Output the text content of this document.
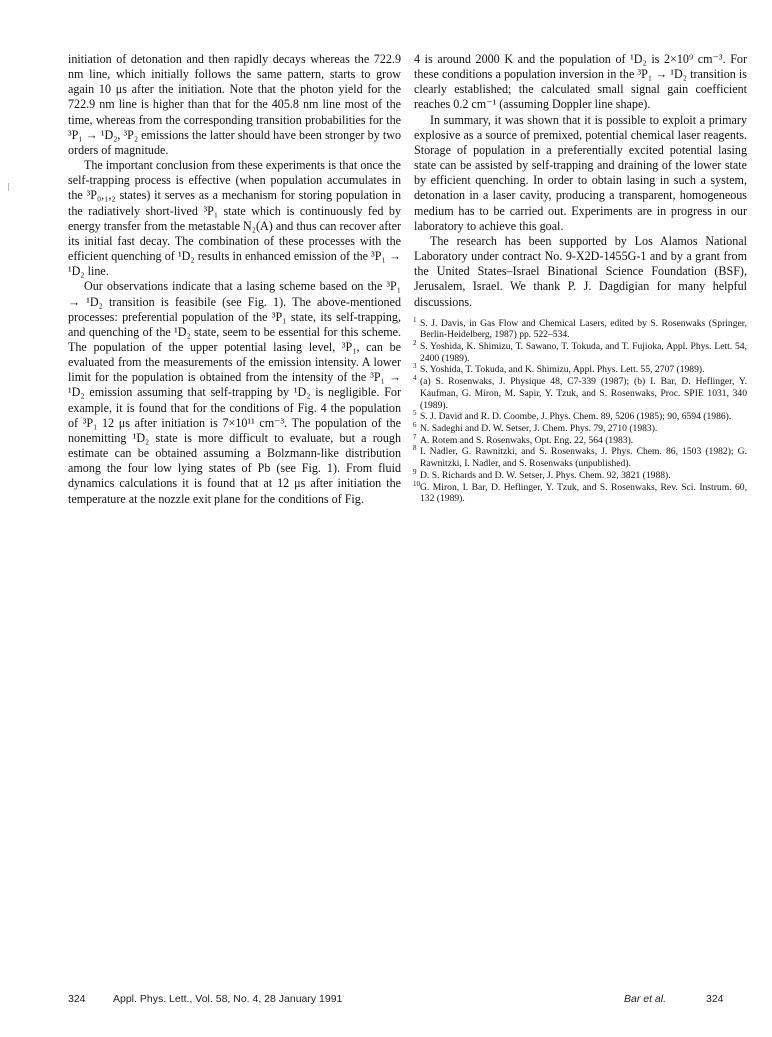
initiation of detonation and then rapidly decays whereas the 722.9 nm line, which initially follows the same pattern, starts to grow again 10 μs after the initiation. Note that the photon yield for the 722.9 nm line is higher than that for the 405.8 nm line most of the time, whereas from the corresponding transition probabilities for the ³P₁ → ¹D₂, ³P₂ emissions the latter should have been stronger by two orders of magnitude.

The important conclusion from these experiments is that once the self-trapping process is effective (when population accumulates in the ³P₀,₁,₂ states) it serves as a mechanism for storing population in the radiatively short-lived ³P₁ state which is continuously fed by energy transfer from the metastable N₂(A) and thus can recover after its initial fast decay. The combination of these processes with the efficient quenching of ¹D₂ results in enhanced emission of the ³P₁ → ¹D₂ line.

Our observations indicate that a lasing scheme based on the ³P₁ → ¹D₂ transition is feasibile (see Fig. 1). The above-mentioned processes: preferential population of the ³P₁ state, its self-trapping, and quenching of the ¹D₂ state, seem to be essential for this scheme. The population of the upper potential lasing level, ³P₁, can be evaluated from the measurements of the emission intensity. A lower limit for the population is obtained from the intensity of the ³P₁ → ¹D₂ emission assuming that self-trapping by ¹D₂ is negligible. For example, it is found that for the conditions of Fig. 4 the population of ³P₁ 12 μs after initiation is 7×10¹¹ cm⁻³. The population of the nonemitting ¹D₂ state is more difficult to evaluate, but a rough estimate can be obtained assuming a Bolzmann-like distribution among the four low lying states of Pb (see Fig. 1). From fluid dynamics calculations it is found that at 12 μs after initiation the temperature at the nozzle exit plane for the conditions of Fig.

4 is around 2000 K and the population of ¹D₂ is 2×10⁹ cm⁻³. For these conditions a population inversion in the ³P₁ → ¹D₂ transition is clearly established; the calculated small signal gain coefficient reaches 0.2 cm⁻¹ (assuming Doppler line shape).

In summary, it was shown that it is possible to exploit a primary explosive as a source of premixed, potential chemical laser reagents. Storage of population in a preferentially excited potential lasing state can be assisted by self-trapping and draining of the lower state by efficient quenching. In order to obtain lasing in such a system, detonation in a laser cavity, producing a transparent, homogeneous medium has to be carried out. Experiments are in progress in our laboratory to achieve this goal.

The research has been supported by Los Alamos National Laboratory under contract No. 9-X2D-1455G-1 and by a grant from the United States–Israel Binational Science Foundation (BSF), Jerusalem, Israel. We thank P. J. Dagdigian for many helpful discussions.

1 S. J. Davis, in Gas Flow and Chemical Lasers, edited by S. Rosenwaks (Springer, Berlin-Heidelberg, 1987) pp. 522–534.

2 S. Yoshida, K. Shimizu, T. Sawano, T. Tokuda, and T. Fujioka, Appl. Phys. Lett. 54, 2400 (1989).

3 S. Yoshida, T. Tokuda, and K. Shimizu, Appl. Phys. Lett. 55, 2707 (1989).

4 (a) S. Rosenwaks, J. Physique 48, C7-339 (1987); (b) I. Bar, D. Heflinger, Y. Kaufman, G. Miron, M. Sapir, Y. Tzuk, and S. Rosenwaks, Proc. SPIE 1031, 340 (1989).

5 S. J. David and R. D. Coombe, J. Phys. Chem. 89, 5206 (1985); 90, 6594 (1986).

6 N. Sadeghi and D. W. Setser, J. Chem. Phys. 79, 2710 (1983).

7 A. Rotem and S. Rosenwaks, Opt. Eng. 22, 564 (1983).

8 I. Nadler, G. Rawnitzki, and S. Rosenwaks, J. Phys. Chem. 86, 1503 (1982); G. Rawnitzki, I. Nadler, and S. Rosenwaks (unpublished).

9 D. S. Richards and D. W. Setser, J. Phys. Chem. 92, 3821 (1988).

10 G. Miron, I. Bar, D. Heflinger, Y. Tzuk, and S. Rosenwaks, Rev. Sci. Instrum. 60, 132 (1989).

324	Appl. Phys. Lett., Vol. 58, No. 4, 28 January 1991	Bar et al.	324
